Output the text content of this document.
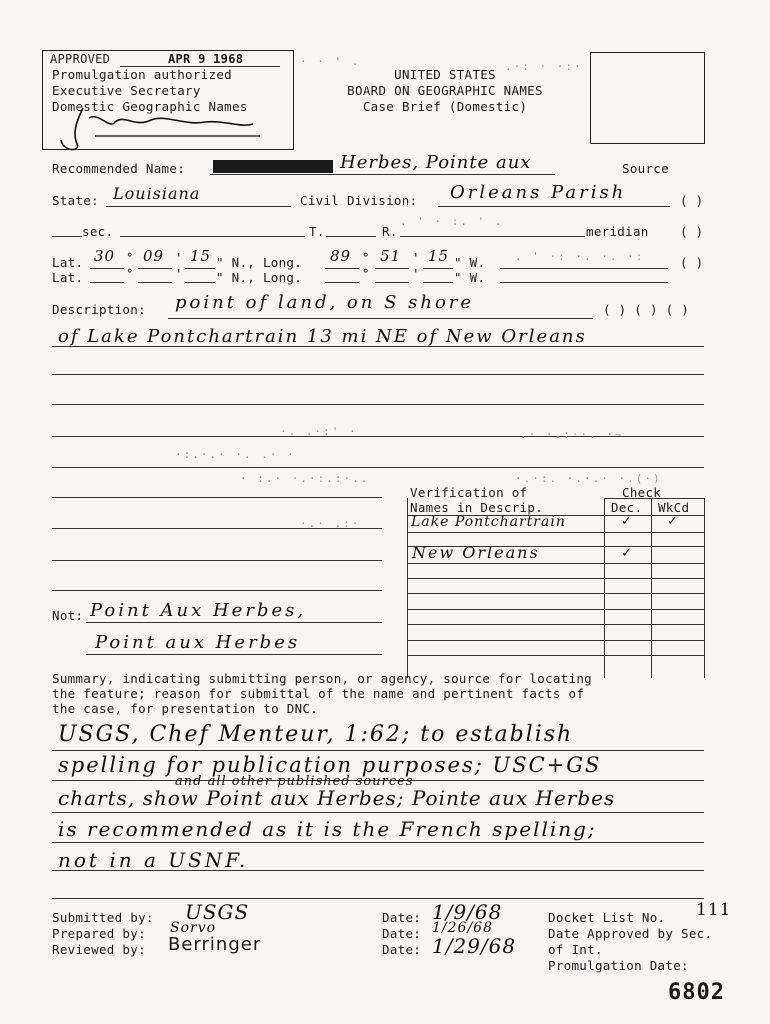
APPROVED	APR 9 1968
Promulgation authorized
Executive Secretary
Domestic Geographic Names
· · ' .	.·: · ·:·
UNITED STATES
BOARD ON GEOGRAPHIC NAMES
Case Brief (Domestic)
Recommended Name:	Herbes, Pointe aux	Source
State: Louisiana	Civil Division: Orleans Parish	( )
sec.	T.	R.	meridian	( )
. ' · :. ' .
Lat. 30 ° 09 ' 15 " N., Long. 89 ° 51 ' 15 " W.	( )
. ' ·: ·. ·. ·:
Lat.	°	'	" N., Long.	°	'	" W.
Description: point of land, on S shore	( ) ( ) ( )
of Lake Pontchartrain 13 mi NE of New Orleans
·. .·:' ·	.· ·.:··. ·~
·:.·.· ·. .· ·
· :.· ·.·:.:·..	·.·:. ·.·.· ·.(·)
·.· .:·
Verification of	Check
Names in Descrip.	Dec. WkCd
Lake Pontchartrain	✓	✓
New Orleans	✓
Not: Point Aux Herbes,
Point aux Herbes
Summary, indicating submitting person, or agency, source for locating
the feature; reason for submittal of the name and pertinent facts of
the case, for presentation to DNC.
USGS, Chef Menteur, 1:62; to establish
spelling for publication purposes; USC+GS
and all other published sources
charts, show Point aux Herbes; Pointe aux Herbes
is recommended as it is the French spelling;
not in a USNF.
Submitted by: USGS
Prepared by: Sorvo
Reviewed by: Berringer
Date: 1/9/68
Date: 1/26/68
Date: 1/29/68
Docket List No. 111
Date Approved by Sec.
of Int.
Promulgation Date:
6802
